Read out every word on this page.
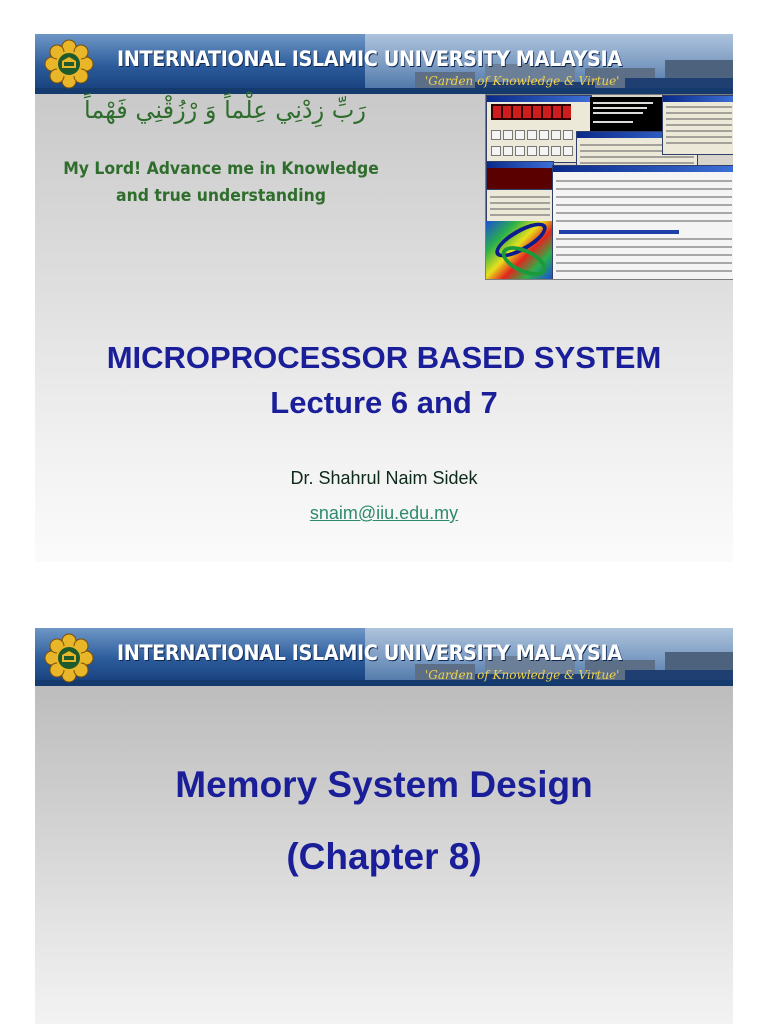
INTERNATIONAL ISLAMIC UNIVERSITY MALAYSIA
'Garden of Knowledge & Virtue'
رَبِّ زِدْنِي عِلْماً وَ رْزُقْنِي فَهْماً
My Lord! Advance me in Knowledge and true understanding
MICROPROCESSOR BASED SYSTEM
Lecture 6 and 7
Dr. Shahrul Naim Sidek
snaim@iiu.edu.my
INTERNATIONAL ISLAMIC UNIVERSITY MALAYSIA
'Garden of Knowledge & Virtue'
Memory System Design
(Chapter 8)
